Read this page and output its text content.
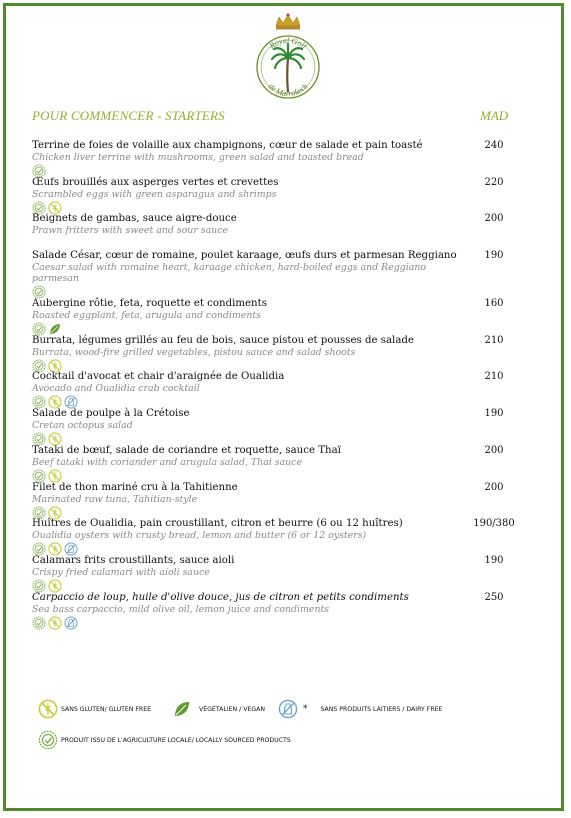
Royal Golf
de Marrakech
POUR COMMENCER - STARTERS	MAD
Terrine de foies de volaille aux champignons, cœur de salade et pain toasté
Chicken liver terrine with mushrooms, green salad and toasted bread
240
Œufs brouillés aux asperges vertes et crevettes
Scrambled eggs with green asparagus and shrimps
220
Beignets de gambas, sauce aigre-douce
Prawn fritters with sweet and sour sauce
200
Salade César, cœur de romaine, poulet karaage, œufs durs et parmesan Reggiano
Caesar salad with romaine heart, karaage chicken, hard-boiled eggs and Reggiano parmesan
190
Aubergine rôtie, feta, roquette et condiments
Roasted eggplant, feta, arugula and condiments
160
Burrata, légumes grillés au feu de bois, sauce pistou et pousses de salade
Burrata, wood-fire grilled vegetables, pistou sauce and salad shoots
210
Cocktail d'avocat et chair d'araignée de Oualidia
Avocado and Oualidia crab cocktail
210
Salade de poulpe à la Crétoise
Cretan octopus salad
190
Tataki de bœuf, salade de coriandre et roquette, sauce Thaï
Beef tataki with coriander and arugula salad, Thai sauce
200
Filet de thon mariné cru à la Tahitienne
Marinated raw tuna, Tahitian-style
200
Huîtres de Oualidia, pain croustillant, citron et beurre (6 ou 12 huîtres)
Oualidia oysters with crusty bread, lemon and butter (6 or 12 oysters)
190/380
Calamars frits croustillants, sauce aioli
Crispy fried calamari with aioli sauce
190
Carpaccio de loup, huile d'olive douce, jus de citron et petits condiments
Sea bass carpaccio, mild olive oil, lemon juice and condiments
250
SANS GLUTEN/ GLUTEN FREE	VÉGÉTALIEN / VEGAN	* SANS PRODUITS LAITIERS / DAIRY FREE
PRODUIT ISSU DE L'AGRICULTURE LOCALE/ LOCALLY SOURCED PRODUCTS
